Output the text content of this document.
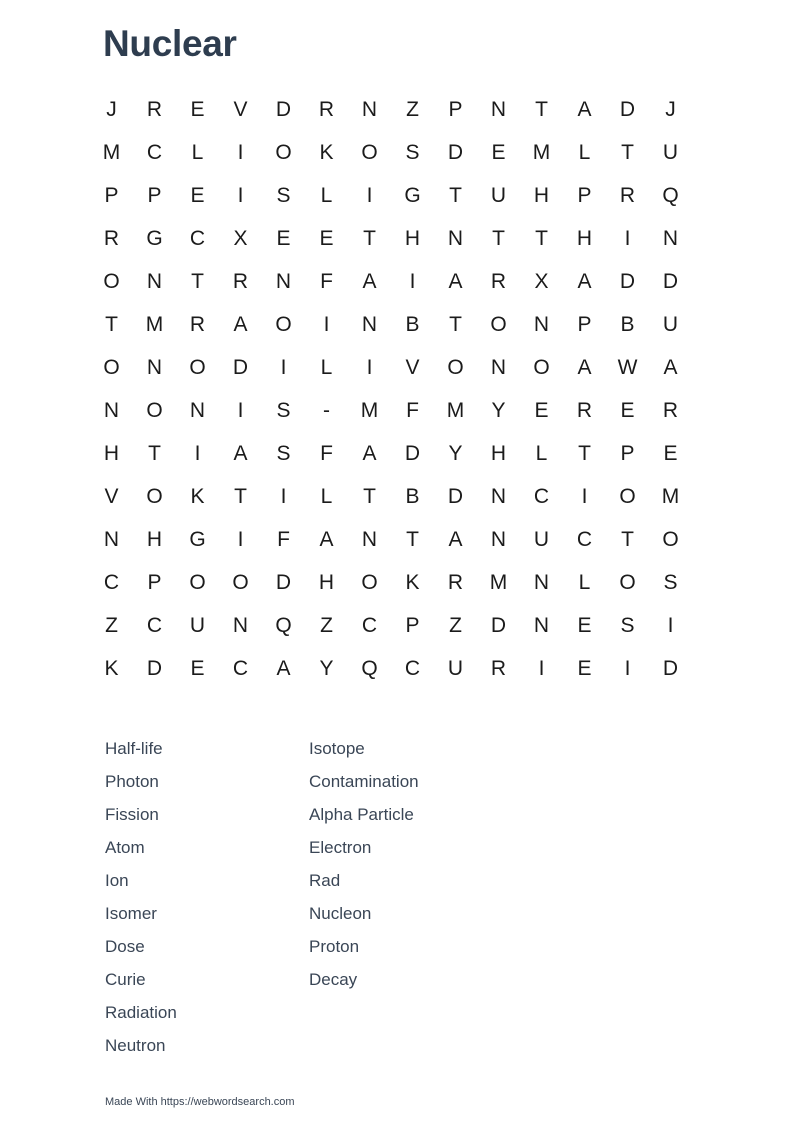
Nuclear
J	R	E	V	D	R	N	Z	P	N	T	A	D	J
M	C	L	I	O	K	O	S	D	E	M	L	T	U
P	P	E	I	S	L	I	G	T	U	H	P	R	Q
R	G	C	X	E	E	T	H	N	T	T	H	I	N
O	N	T	R	N	F	A	I	A	R	X	A	D	D
T	M	R	A	O	I	N	B	T	O	N	P	B	U
O	N	O	D	I	L	I	V	O	N	O	A	W	A
N	O	N	I	S	-	M	F	M	Y	E	R	E	R
H	T	I	A	S	F	A	D	Y	H	L	T	P	E
V	O	K	T	I	L	T	B	D	N	C	I	O	M
N	H	G	I	F	A	N	T	A	N	U	C	T	O
C	P	O	O	D	H	O	K	R	M	N	L	O	S
Z	C	U	N	Q	Z	C	P	Z	D	N	E	S	I
K	D	E	C	A	Y	Q	C	U	R	I	E	I	D
Half-life
Photon
Fission
Atom
Ion
Isomer
Dose
Curie
Radiation
Neutron
Isotope
Contamination
Alpha Particle
Electron
Rad
Nucleon
Proton
Decay
Made With https://webwordsearch.com
